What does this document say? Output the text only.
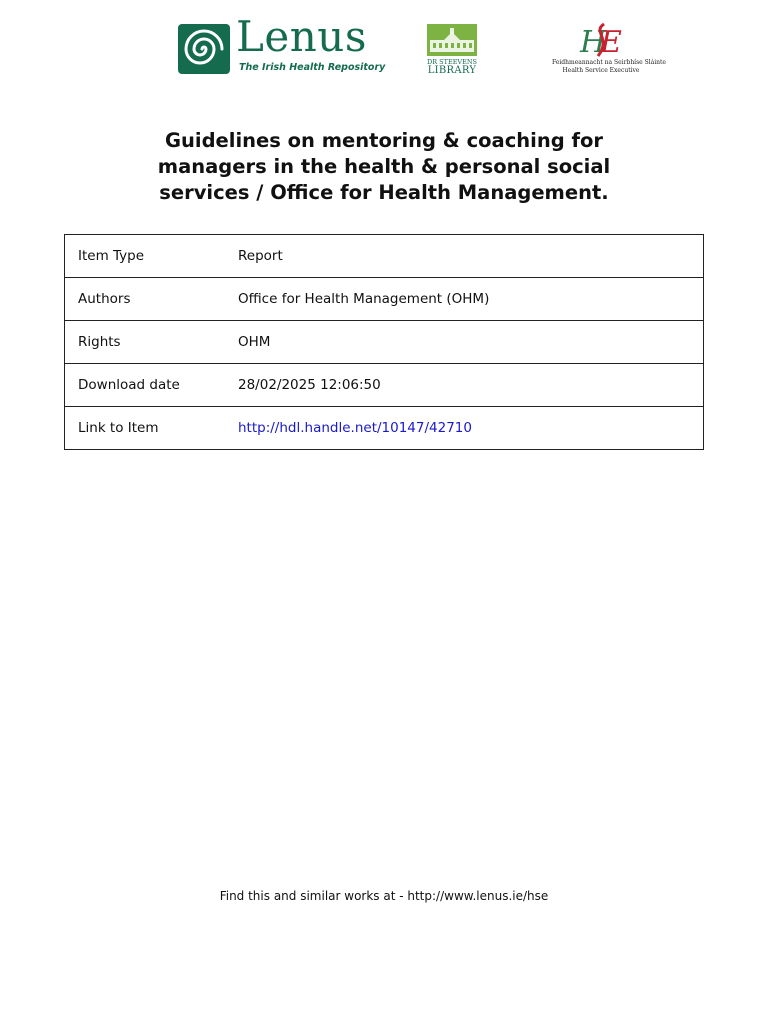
Lenus
The Irish Health Repository	DR STEEVENS
LIBRARY
H
E
Feidhmeannacht na Seirbhíse Sláinte
Health Service Executive
Guidelines on mentoring & coaching for managers in the health & personal social services / Office for Health Management.
Item Type	Report
Authors	Office for Health Management (OHM)
Rights	OHM
Download date	28/02/2025 12:06:50
Link to Item	http://hdl.handle.net/10147/42710
Find this and similar works at - http://www.lenus.ie/hse
